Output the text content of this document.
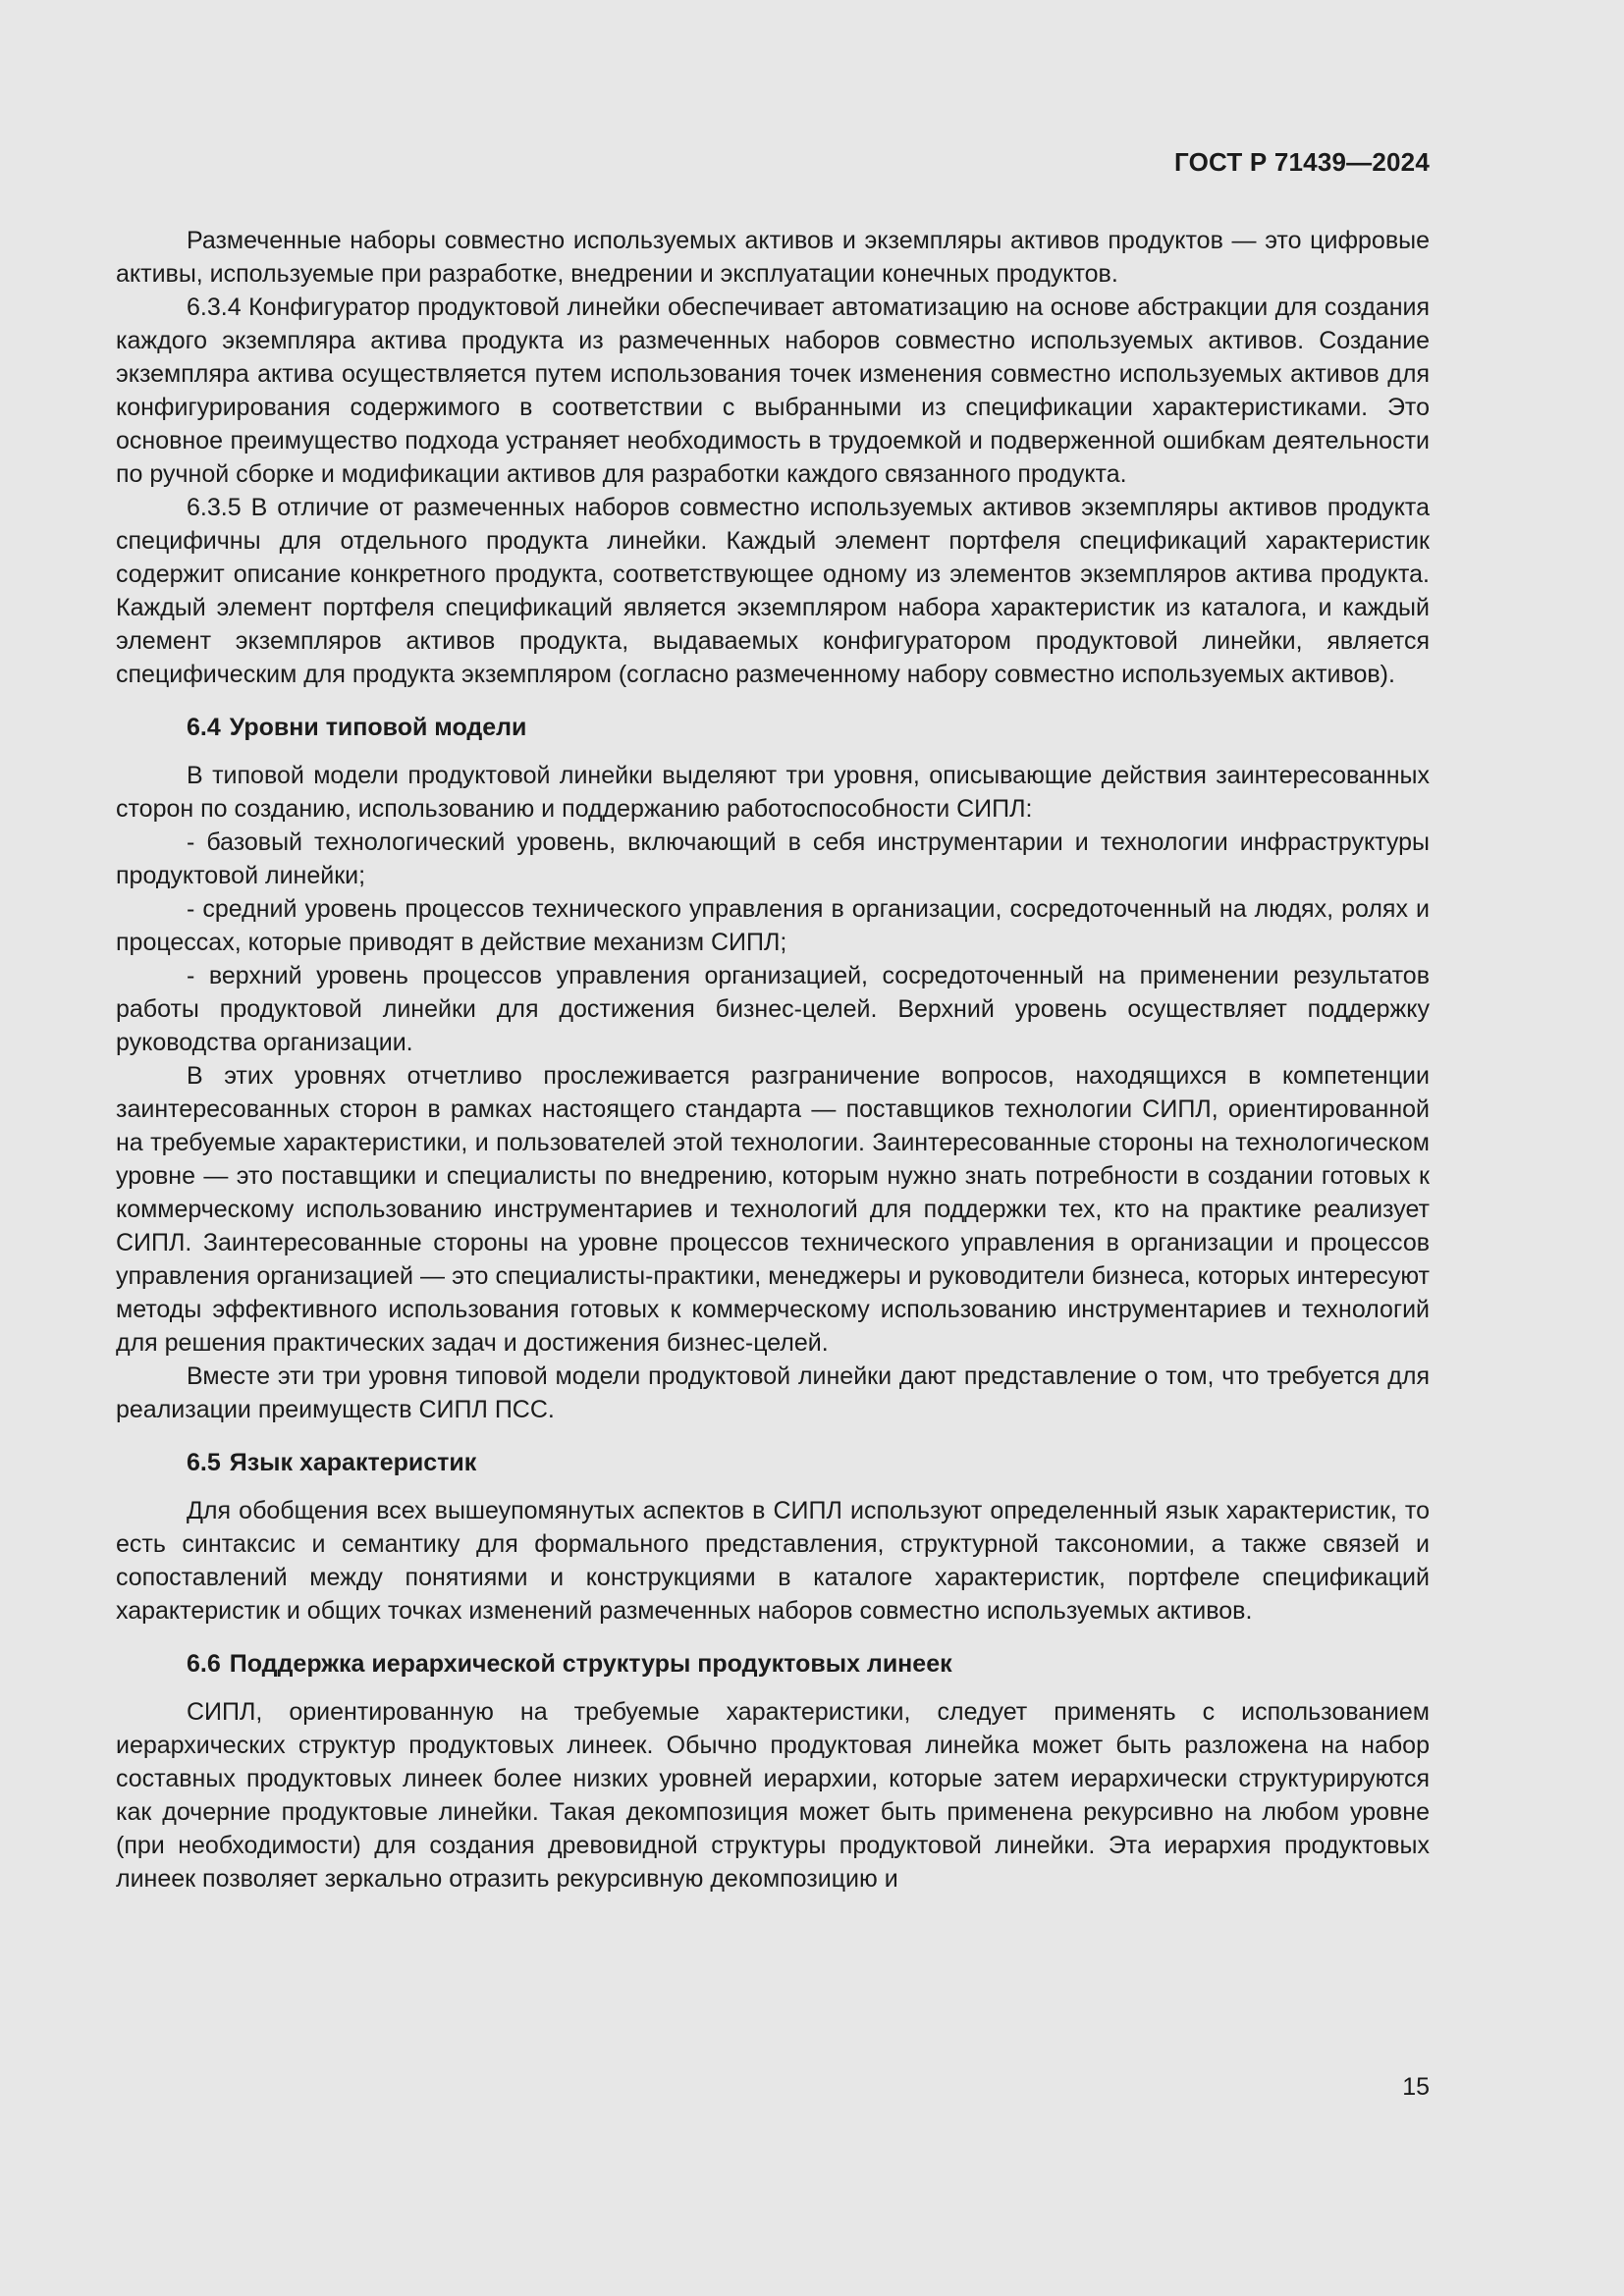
ГОСТ Р 71439—2024

Размеченные наборы совместно используемых активов и экземпляры активов продуктов — это цифровые активы, используемые при разработке, внедрении и эксплуатации конечных продуктов.

6.3.4 Конфигуратор продуктовой линейки обеспечивает автоматизацию на основе абстракции для создания каждого экземпляра актива продукта из размеченных наборов совместно используемых активов. Создание экземпляра актива осуществляется путем использования точек изменения совместно используемых активов для конфигурирования содержимого в соответствии с выбранными из спецификации характеристиками. Это основное преимущество подхода устраняет необходимость в трудоемкой и подверженной ошибкам деятельности по ручной сборке и модификации активов для разработки каждого связанного продукта.

6.3.5 В отличие от размеченных наборов совместно используемых активов экземпляры активов продукта специфичны для отдельного продукта линейки. Каждый элемент портфеля спецификаций характеристик содержит описание конкретного продукта, соответствующее одному из элементов экземпляров актива продукта. Каждый элемент портфеля спецификаций является экземпляром набора характеристик из каталога, и каждый элемент экземпляров активов продукта, выдаваемых конфигуратором продуктовой линейки, является специфическим для продукта экземпляром (согласно размеченному набору совместно используемых активов).

6.4 Уровни типовой модели

В типовой модели продуктовой линейки выделяют три уровня, описывающие действия заинтересованных сторон по созданию, использованию и поддержанию работоспособности СИПЛ:

- базовый технологический уровень, включающий в себя инструментарии и технологии инфраструктуры продуктовой линейки;

- средний уровень процессов технического управления в организации, сосредоточенный на людях, ролях и процессах, которые приводят в действие механизм СИПЛ;

- верхний уровень процессов управления организацией, сосредоточенный на применении результатов работы продуктовой линейки для достижения бизнес-целей. Верхний уровень осуществляет поддержку руководства организации.

В этих уровнях отчетливо прослеживается разграничение вопросов, находящихся в компетенции заинтересованных сторон в рамках настоящего стандарта — поставщиков технологии СИПЛ, ориентированной на требуемые характеристики, и пользователей этой технологии. Заинтересованные стороны на технологическом уровне — это поставщики и специалисты по внедрению, которым нужно знать потребности в создании готовых к коммерческому использованию инструментариев и технологий для поддержки тех, кто на практике реализует СИПЛ. Заинтересованные стороны на уровне процессов технического управления в организации и процессов управления организацией — это специалисты-практики, менеджеры и руководители бизнеса, которых интересуют методы эффективного использования готовых к коммерческому использованию инструментариев и технологий для решения практических задач и достижения бизнес-целей.

Вместе эти три уровня типовой модели продуктовой линейки дают представление о том, что требуется для реализации преимуществ СИПЛ ПСС.

6.5 Язык характеристик

Для обобщения всех вышеупомянутых аспектов в СИПЛ используют определенный язык характеристик, то есть синтаксис и семантику для формального представления, структурной таксономии, а также связей и сопоставлений между понятиями и конструкциями в каталоге характеристик, портфеле спецификаций характеристик и общих точках изменений размеченных наборов совместно используемых активов.

6.6 Поддержка иерархической структуры продуктовых линеек

СИПЛ, ориентированную на требуемые характеристики, следует применять с использованием иерархических структур продуктовых линеек. Обычно продуктовая линейка может быть разложена на набор составных продуктовых линеек более низких уровней иерархии, которые затем иерархически структурируются как дочерние продуктовые линейки. Такая декомпозиция может быть применена рекурсивно на любом уровне (при необходимости) для создания древовидной структуры продуктовой линейки. Эта иерархия продуктовых линеек позволяет зеркально отразить рекурсивную декомпозицию и

15
